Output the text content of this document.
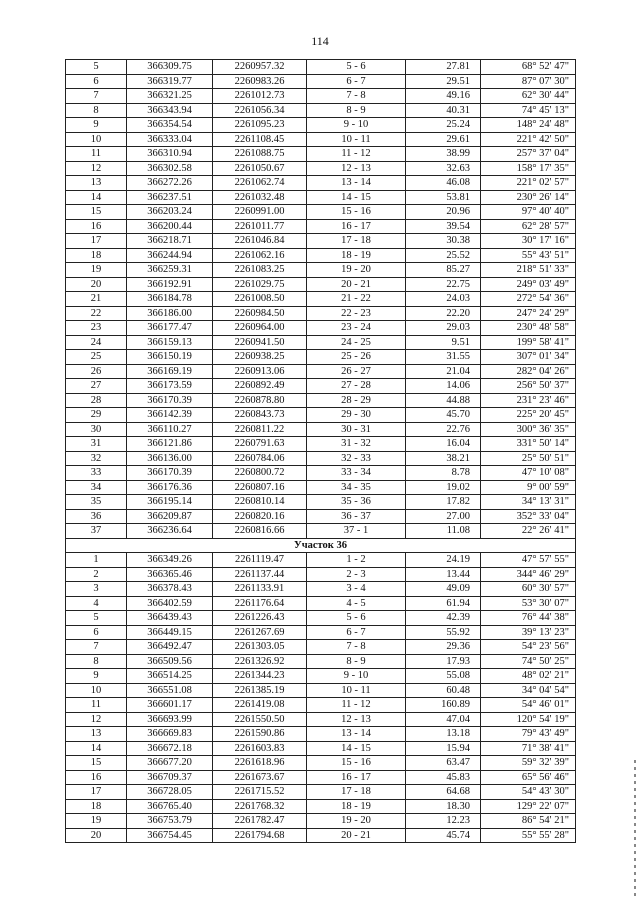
114
5	366309.75	2260957.32	5 - 6	27.81	68° 52' 47"
6	366319.77	2260983.26	6 - 7	29.51	87° 07' 30"
7	366321.25	2261012.73	7 - 8	49.16	62° 30' 44"
8	366343.94	2261056.34	8 - 9	40.31	74° 45' 13"
9	366354.54	2261095.23	9 - 10	25.24	148° 24' 48"
10	366333.04	2261108.45	10 - 11	29.61	221° 42' 50"
11	366310.94	2261088.75	11 - 12	38.99	257° 37' 04"
12	366302.58	2261050.67	12 - 13	32.63	158° 17' 35"
13	366272.26	2261062.74	13 - 14	46.08	221° 02' 57"
14	366237.51	2261032.48	14 - 15	53.81	230° 26' 14"
15	366203.24	2260991.00	15 - 16	20.96	97° 40' 40"
16	366200.44	2261011.77	16 - 17	39.54	62° 28' 57"
17	366218.71	2261046.84	17 - 18	30.38	30° 17' 16"
18	366244.94	2261062.16	18 - 19	25.52	55° 43' 51"
19	366259.31	2261083.25	19 - 20	85.27	218° 51' 33"
20	366192.91	2261029.75	20 - 21	22.75	249° 03' 49"
21	366184.78	2261008.50	21 - 22	24.03	272° 54' 36"
22	366186.00	2260984.50	22 - 23	22.20	247° 24' 29"
23	366177.47	2260964.00	23 - 24	29.03	230° 48' 58"
24	366159.13	2260941.50	24 - 25	9.51	199° 58' 41"
25	366150.19	2260938.25	25 - 26	31.55	307° 01' 34"
26	366169.19	2260913.06	26 - 27	21.04	282° 04' 26"
27	366173.59	2260892.49	27 - 28	14.06	256° 50' 37"
28	366170.39	2260878.80	28 - 29	44.88	231° 23' 46"
29	366142.39	2260843.73	29 - 30	45.70	225° 20' 45"
30	366110.27	2260811.22	30 - 31	22.76	300° 36' 35"
31	366121.86	2260791.63	31 - 32	16.04	331° 50' 14"
32	366136.00	2260784.06	32 - 33	38.21	25° 50' 51"
33	366170.39	2260800.72	33 - 34	8.78	47° 10' 08"
34	366176.36	2260807.16	34 - 35	19.02	9° 00' 59"
35	366195.14	2260810.14	35 - 36	17.82	34° 13' 31"
36	366209.87	2260820.16	36 - 37	27.00	352° 33' 04"
37	366236.64	2260816.66	37 - 1	11.08	22° 26' 41"
Участок 36					
1	366349.26	2261119.47	1 - 2	24.19	47° 57' 55"
2	366365.46	2261137.44	2 - 3	13.44	344° 46' 29"
3	366378.43	2261133.91	3 - 4	49.09	60° 30' 57"
4	366402.59	2261176.64	4 - 5	61.94	53° 30' 07"
5	366439.43	2261226.43	5 - 6	42.39	76° 44' 38"
6	366449.15	2261267.69	6 - 7	55.92	39° 13' 23"
7	366492.47	2261303.05	7 - 8	29.36	54° 23' 56"
8	366509.56	2261326.92	8 - 9	17.93	74° 50' 25"
9	366514.25	2261344.23	9 - 10	55.08	48° 02' 21"
10	366551.08	2261385.19	10 - 11	60.48	34° 04' 54"
11	366601.17	2261419.08	11 - 12	160.89	54° 46' 01"
12	366693.99	2261550.50	12 - 13	47.04	120° 54' 19"
13	366669.83	2261590.86	13 - 14	13.18	79° 43' 49"
14	366672.18	2261603.83	14 - 15	15.94	71° 38' 41"
15	366677.20	2261618.96	15 - 16	63.47	59° 32' 39"
16	366709.37	2261673.67	16 - 17	45.83	65° 56' 46"
17	366728.05	2261715.52	17 - 18	64.68	54° 43' 30"
18	366765.40	2261768.32	18 - 19	18.30	129° 22' 07"
19	366753.79	2261782.47	19 - 20	12.23	86° 54' 21"
20	366754.45	2261794.68	20 - 21	45.74	55° 55' 28"
